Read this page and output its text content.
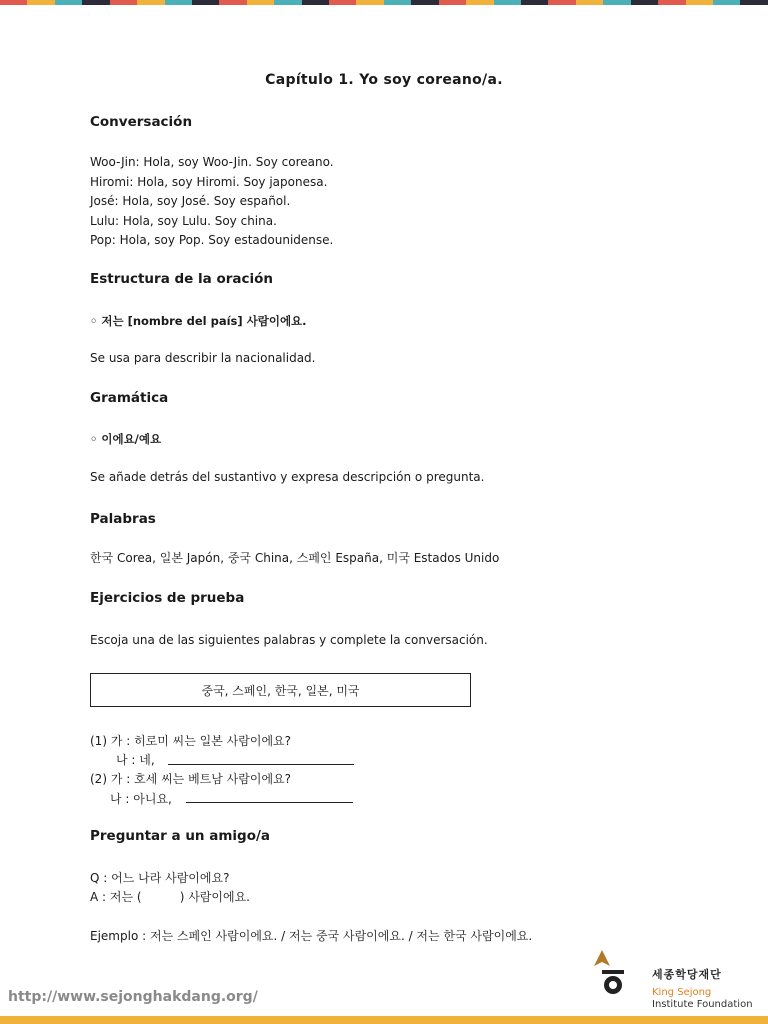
Capítulo 1. Yo soy coreano/a.
Conversación
Woo-Jin: Hola, soy Woo-Jin. Soy coreano.
Hiromi: Hola, soy Hiromi. Soy japonesa.
José: Hola, soy José. Soy español.
Lulu: Hola, soy Lulu. Soy china.
Pop: Hola, soy Pop. Soy estadounidense.
Estructura de la oración
◦ 저는 [nombre del país] 사람이에요.
Se usa para describir la nacionalidad.
Gramática
◦ 이에요/예요
Se añade detrás del sustantivo y expresa descripción o pregunta.
Palabras
한국 Corea, 일본 Japón, 중국 China, 스페인 España, 미국 Estados Unido
Ejercicios de prueba
Escoja una de las siguientes palabras y complete la conversación.
중국, 스페인, 한국, 일본, 미국
(1) 가 : 히로미 씨는 일본 사람이에요?
나 : 네,
(2) 가 : 호세 씨는 베트남 사람이에요?
나 : 아니요,
Preguntar a un amigo/a
Q : 어느 나라 사람이에요?
A : 저는 (          ) 사람이에요.
Ejemplo : 저는 스페인 사람이에요. / 저는 중국 사람이에요. / 저는 한국 사람이에요.
http://www.sejonghakdang.org/
세종학당재단
King Sejong
Institute Foundation
